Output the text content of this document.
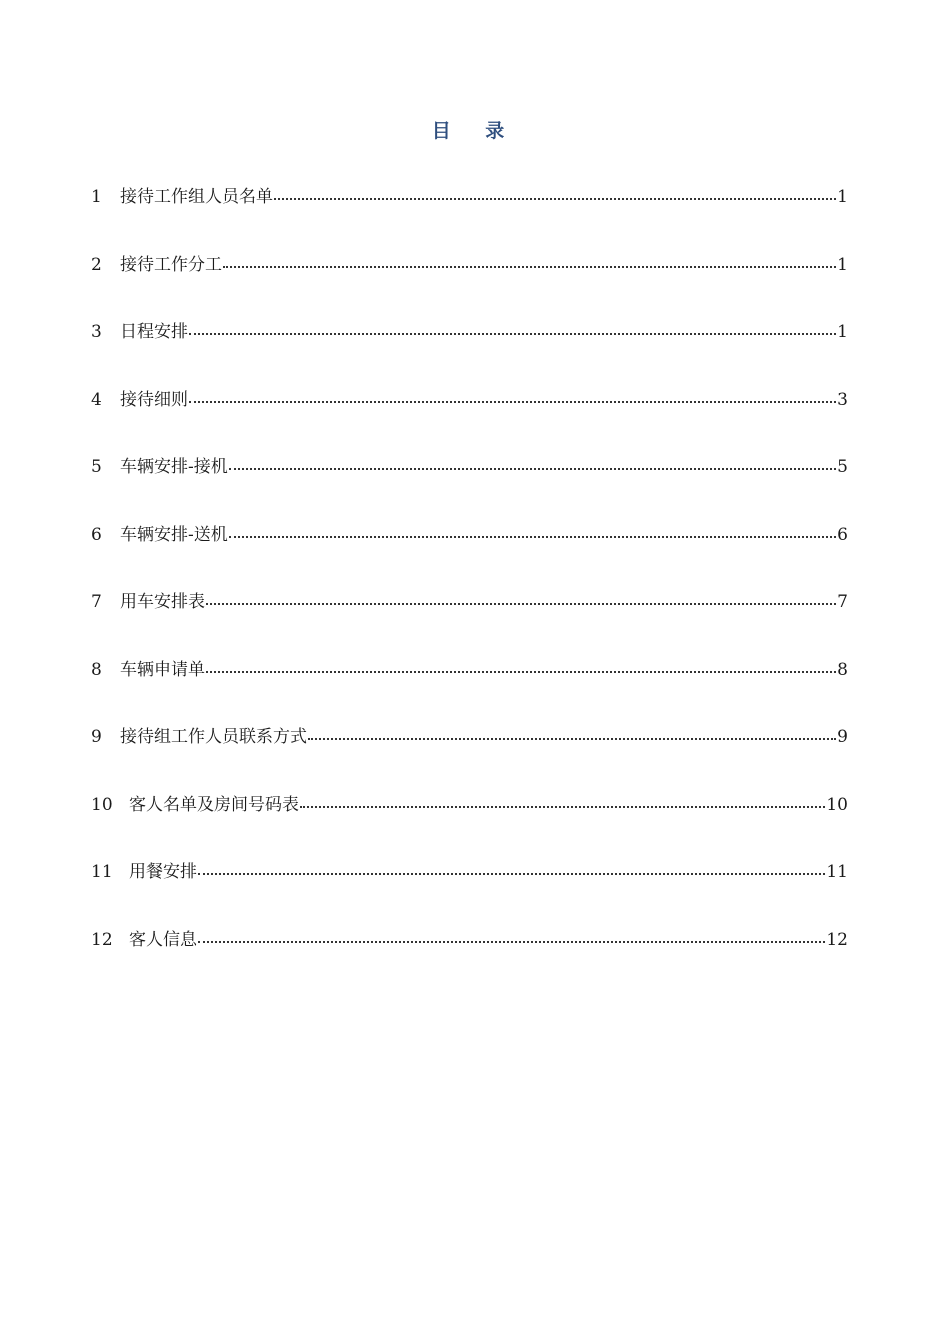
目 录
1	接待工作组人员名单	1
2	接待工作分工	1
3	日程安排	1
4	接待细则	3
5	车辆安排-接机	5
6	车辆安排-送机	6
7	用车安排表	7
8	车辆申请单	8
9	接待组工作人员联系方式	9
10 客人名单及房间号码表	10
11 用餐安排	11
12 客人信息	12
